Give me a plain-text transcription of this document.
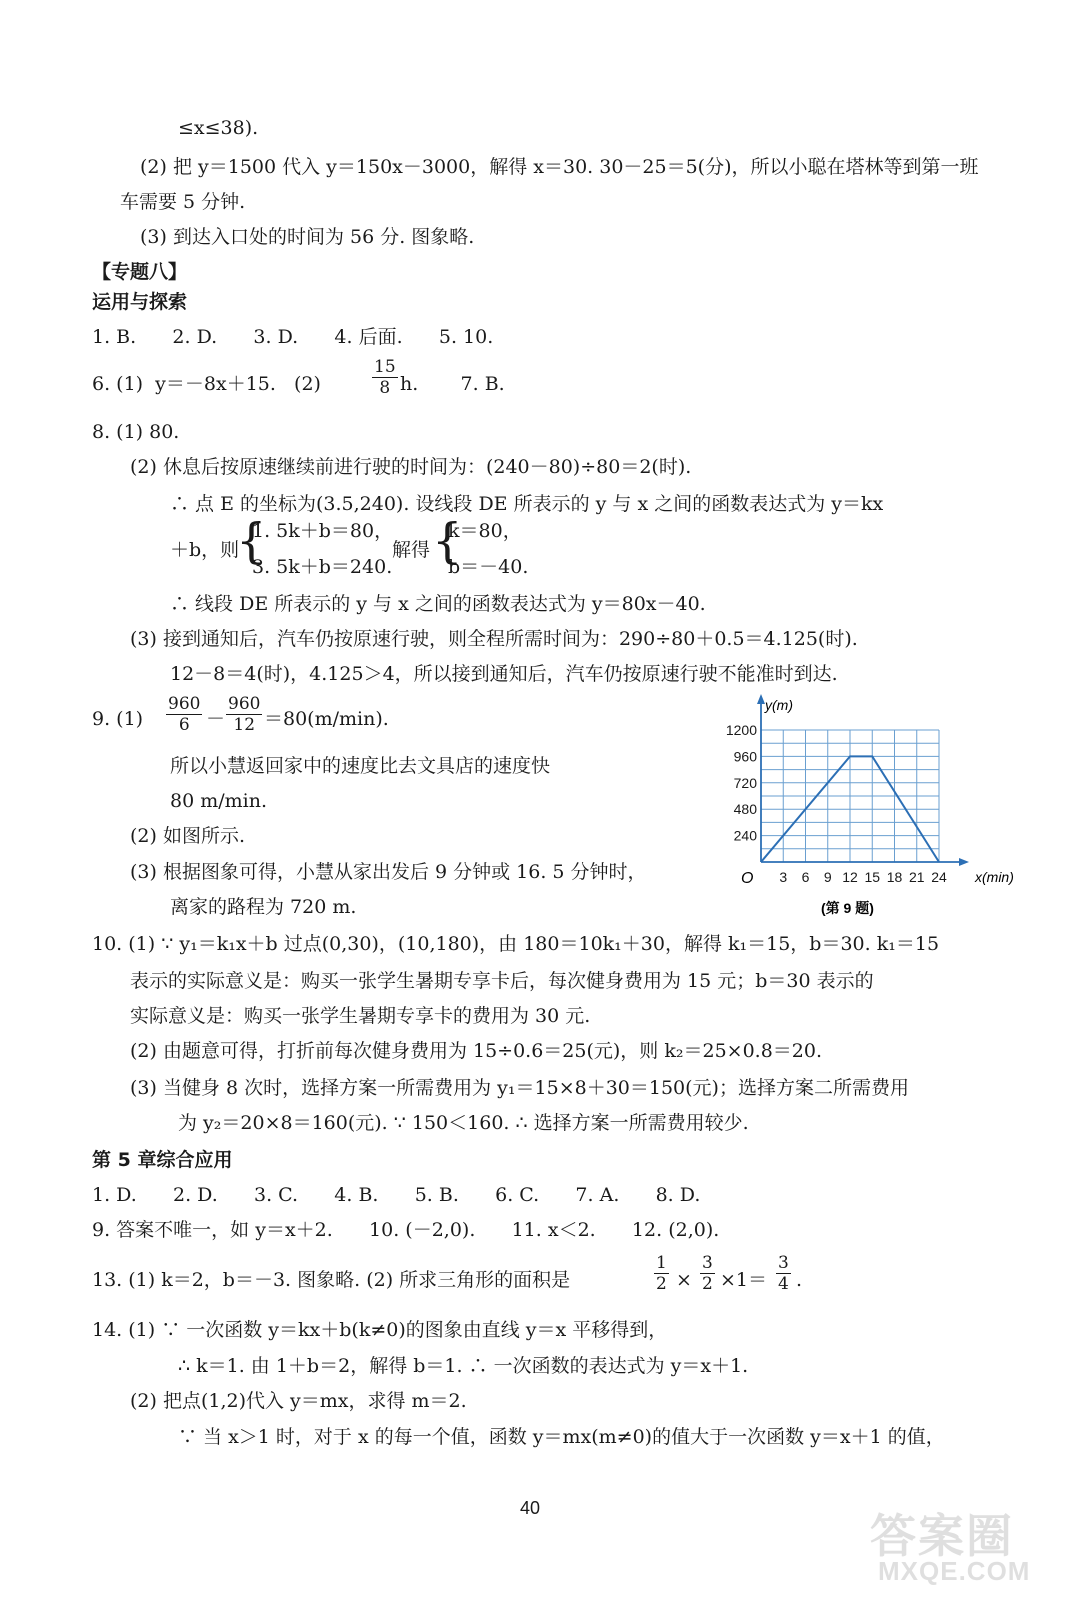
≤x≤38).
(2) 把 y＝1500 代入 y＝150x－3000，解得 x＝30. 30－25＝5(分)，所以小聪在塔林等到第一班
车需要 5 分钟.
(3) 到达入口处的时间为 56 分. 图象略.
【专题八】
运用与探索
1. B.      2. D.      3. D.      4. 后面.      5. 10.
6. (1)  y＝－8x＋15.   (2)	$\frac{15}{8} h$.       7. B.
8. (1) 80.
(2) 休息后按原速继续前进行驶的时间为：(240－80)÷80＝2(时).
∴ 点 E 的坐标为(3.5,240). 设线段 DE 所表示的 y 与 x 之间的函数表达式为 y＝kx
＋b，则
{
1. 5k＋b＝80，
3. 5k＋b＝240.
解得 {
k＝80，
b＝－40.
∴ 线段 DE 所表示的 y 与 x 之间的函数表达式为 y＝80x－40.
(3) 接到通知后，汽车仍按原速行驶，则全程所需时间为：290÷80＋0.5＝4.125(时).
12－8＝4(时)，4.125＞4，所以接到通知后，汽车仍按原速行驶不能准时到达.
9. $(1) \frac{960}{6} - \frac{960}{12} =80(m/\min)$.
所以小慧返回家中的速度比去文具店的速度快
80 m/min.
(2) 如图所示.
(3) 根据图象可得，小慧从家出发后 9 分钟或 16. 5 分钟时，
离家的路程为 720 m.
240
480
720
960
1200
3 6 9 12 15 18 21 24
y(m)
x(min)
O
(第 9 题)
10. (1) ∵ y₁＝k₁x＋b 过点(0,30)，(10,180)，由 180＝10k₁＋30，解得 k₁＝15，b＝30. k₁＝15
表示的实际意义是：购买一张学生暑期专享卡后，每次健身费用为 15 元；b＝30 表示的
实际意义是：购买一张学生暑期专享卡的费用为 30 元.
(2) 由题意可得，打折前每次健身费用为 15÷0.6＝25(元)，则 k₂＝25×0.8＝20.
(3) 当健身 8 次时，选择方案一所需费用为 y₁＝15×8＋30＝150(元)；选择方案二所需费用
为 y₂＝20×8＝160(元). ∵ 150＜160. ∴ 选择方案一所需费用较少.
第 5 章综合应用
1. D.      2. D.      3. C.      4. B.      5. B.      6. C.      7. A.      8. D.
9. 答案不唯一，如 y＝x＋2.      10. (－2,0).      11. x＜2.      12. (2,0).
13. (1) k＝2，b＝－3. 图象略. (2) 所求三角形的面积是	$\frac{1}{2} \times \frac{3}{2} \times 1= \frac{3}{4}$ .
14. (1) ∵ 一次函数 y＝kx＋b(k≠0)的图象由直线 y＝x 平移得到，
∴ k＝1. 由 1＋b＝2，解得 b＝1. ∴ 一次函数的表达式为 y＝x＋1.
(2) 把点(1,2)代入 y＝mx，求得 m＝2.
∵ 当 x＞1 时，对于 x 的每一个值，函数 y＝mx(m≠0)的值大于一次函数 y＝x＋1 的值，
40
答案圈
MXQE.COM
